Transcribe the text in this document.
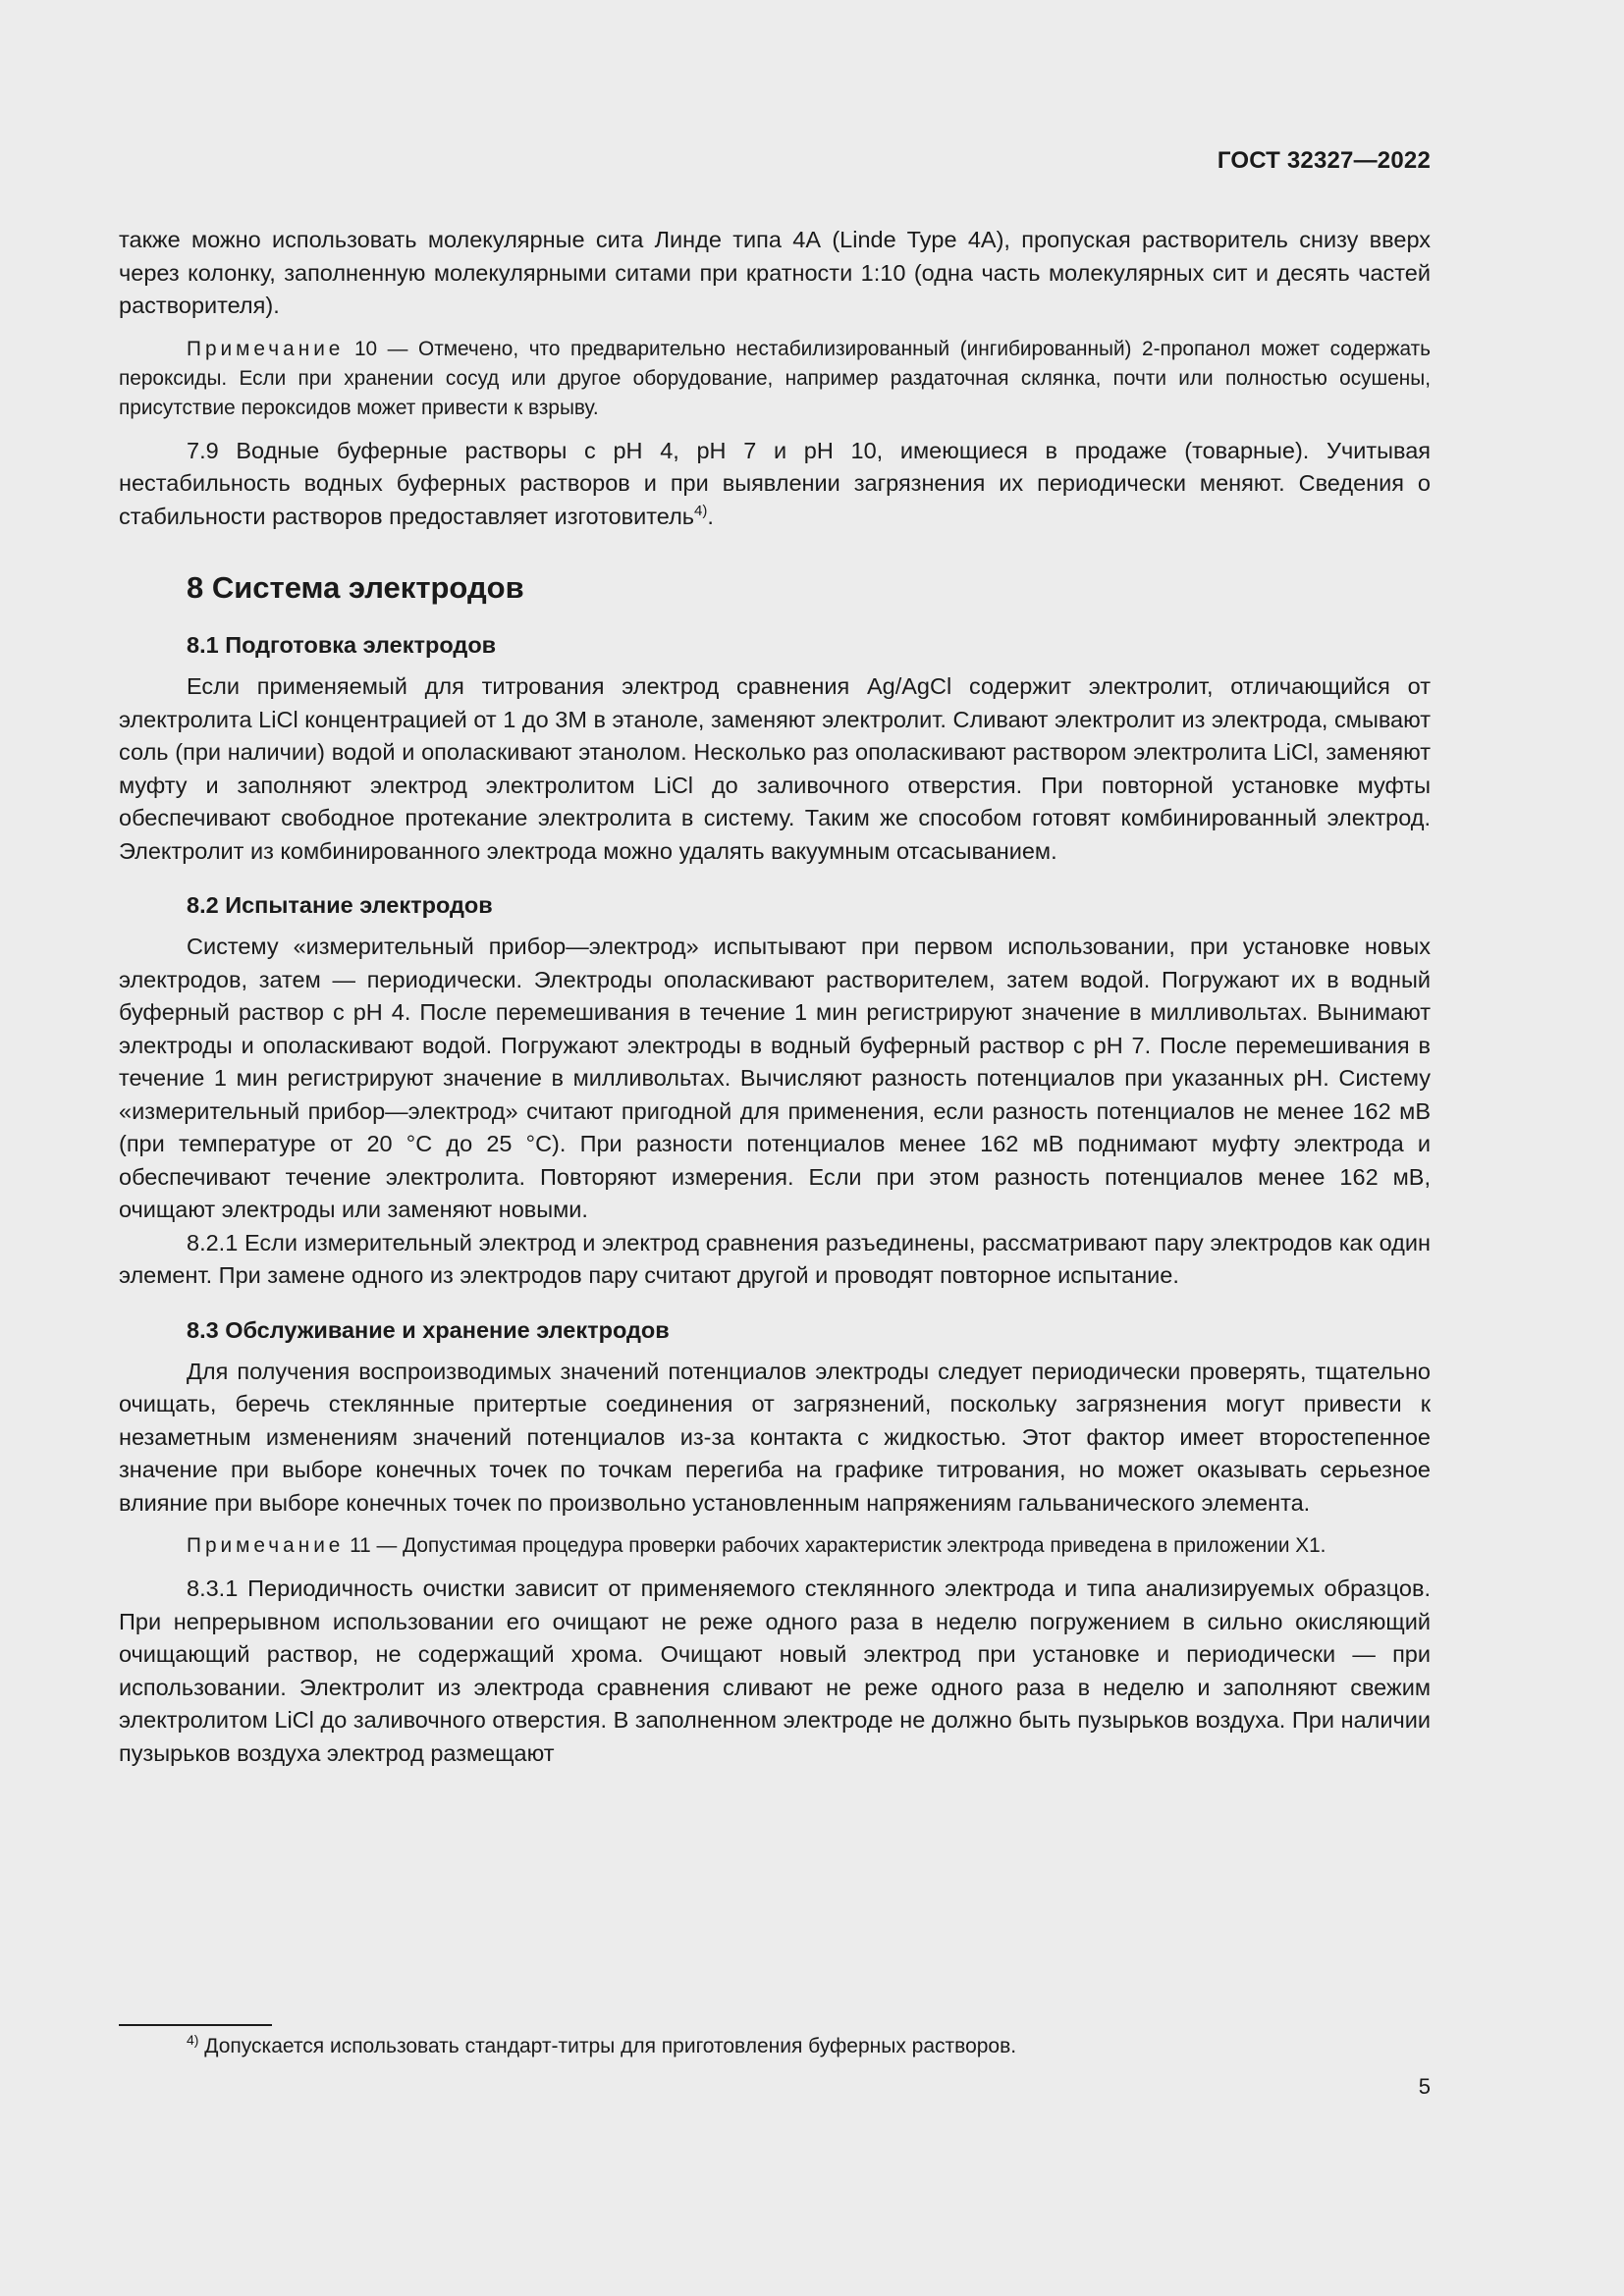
ГОСТ 32327—2022

также можно использовать молекулярные сита Линде типа 4А (Linde Type 4A), пропуская растворитель снизу вверх через колонку, заполненную молекулярными ситами при кратности 1:10 (одна часть молекулярных сит и десять частей растворителя).

Примечание 10 — Отмечено, что предварительно нестабилизированный (ингибированный) 2-пропанол может содержать пероксиды. Если при хранении сосуд или другое оборудование, например раздаточная склянка, почти или полностью осушены, присутствие пероксидов может привести к взрыву.

7.9 Водные буферные растворы с pH 4, pH 7 и pH 10, имеющиеся в продаже (товарные). Учитывая нестабильность водных буферных растворов и при выявлении загрязнения их периодически меняют. Сведения о стабильности растворов предоставляет изготовитель$^{4)}$.

8 Система электродов
8.1 Подготовка электродов

Если применяемый для титрования электрод сравнения Ag/AgCl содержит электролит, отличающийся от электролита LiCl концентрацией от 1 до 3М в этаноле, заменяют электролит. Сливают электролит из электрода, смывают соль (при наличии) водой и ополаскивают этанолом. Несколько раз ополаскивают раствором электролита LiCl, заменяют муфту и заполняют электрод электролитом LiCl до заливочного отверстия. При повторной установке муфты обеспечивают свободное протекание электролита в систему. Таким же способом готовят комбинированный электрод. Электролит из комбинированного электрода можно удалять вакуумным отсасыванием.

8.2 Испытание электродов

Систему «измерительный прибор—электрод» испытывают при первом использовании, при установке новых электродов, затем — периодически. Электроды ополаскивают растворителем, затем водой. Погружают их в водный буферный раствор с pH 4. После перемешивания в течение 1 мин регистрируют значение в милливольтах. Вынимают электроды и ополаскивают водой. Погружают электроды в водный буферный раствор с pH 7. После перемешивания в течение 1 мин регистрируют значение в милливольтах. Вычисляют разность потенциалов при указанных pH. Систему «измерительный прибор—электрод» считают пригодной для применения, если разность потенциалов не менее 162 мВ (при температуре от 20 °С до 25 °С). При разности потенциалов менее 162 мВ поднимают муфту электрода и обеспечивают течение электролита. Повторяют измерения. Если при этом разность потенциалов менее 162 мВ, очищают электроды или заменяют новыми.

8.2.1 Если измерительный электрод и электрод сравнения разъединены, рассматривают пару электродов как один элемент. При замене одного из электродов пару считают другой и проводят повторное испытание.

8.3 Обслуживание и хранение электродов

Для получения воспроизводимых значений потенциалов электроды следует периодически проверять, тщательно очищать, беречь стеклянные притертые соединения от загрязнений, поскольку загрязнения могут привести к незаметным изменениям значений потенциалов из-за контакта с жидкостью. Этот фактор имеет второстепенное значение при выборе конечных точек по точкам перегиба на графике титрования, но может оказывать серьезное влияние при выборе конечных точек по произвольно установленным напряжениям гальванического элемента.

Примечание 11 — Допустимая процедура проверки рабочих характеристик электрода приведена в приложении Х1.

8.3.1 Периодичность очистки зависит от применяемого стеклянного электрода и типа анализируемых образцов. При непрерывном использовании его очищают не реже одного раза в неделю погружением в сильно окисляющий очищающий раствор, не содержащий хрома. Очищают новый электрод при установке и периодически — при использовании. Электролит из электрода сравнения сливают не реже одного раза в неделю и заполняют свежим электролитом LiCl до заливочного отверстия. В заполненном электроде не должно быть пузырьков воздуха. При наличии пузырьков воздуха электрод размещают

$^{4)}$ Допускается использовать стандарт-титры для приготовления буферных растворов.
5
